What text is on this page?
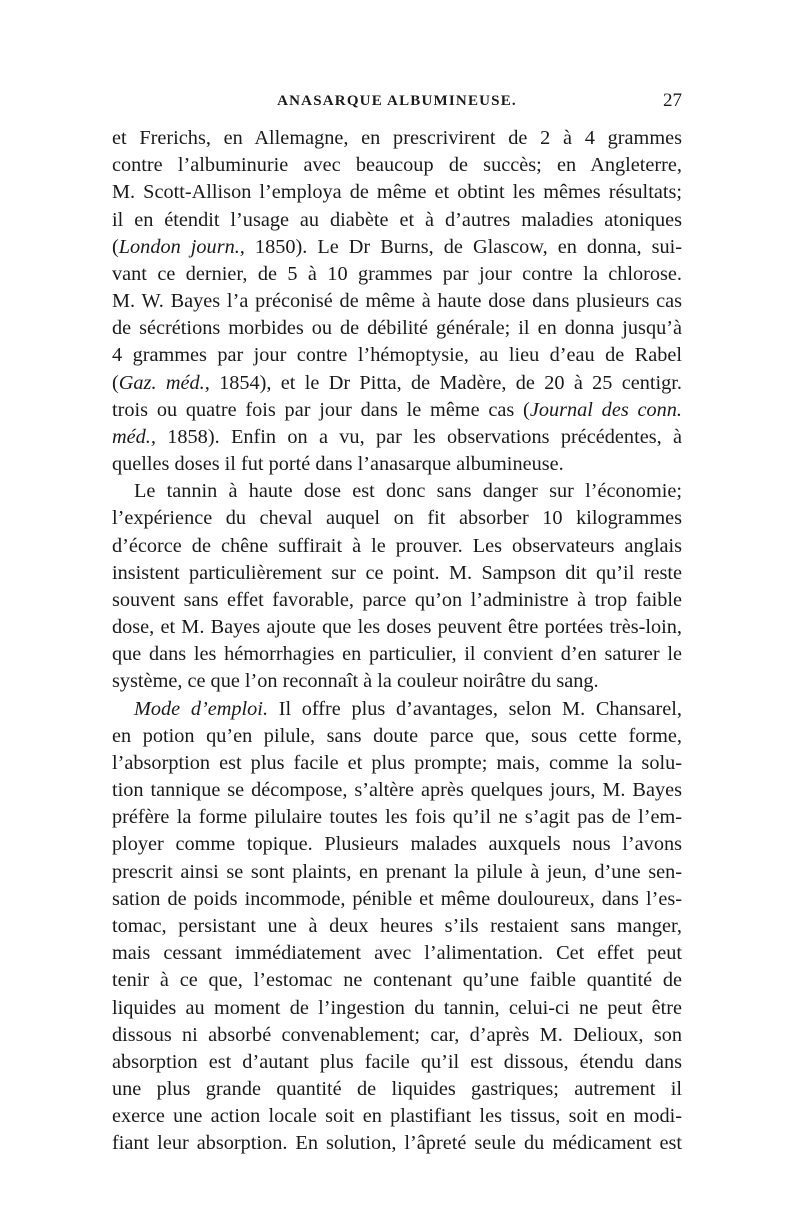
ANASARQUE ALBUMINEUSE.	27
et Frerichs, en Allemagne, en prescrivirent de 2 à 4 grammes
contre l’albuminurie avec beaucoup de succès; en Angleterre,
M. Scott-Allison l’employa de même et obtint les mêmes résultats;
il en étendit l’usage au diabète et à d’autres maladies atoniques
(London journ., 1850). Le Dr Burns, de Glascow, en donna, sui-
vant ce dernier, de 5 à 10 grammes par jour contre la chlorose.
M. W. Bayes l’a préconisé de même à haute dose dans plusieurs cas
de sécrétions morbides ou de débilité générale; il en donna jusqu’à
4 grammes par jour contre l’hémoptysie, au lieu d’eau de Rabel
(Gaz. méd., 1854), et le Dr Pitta, de Madère, de 20 à 25 centigr.
trois ou quatre fois par jour dans le même cas (Journal des conn.
méd., 1858). Enfin on a vu, par les observations précédentes, à
quelles doses il fut porté dans l’anasarque albumineuse.
Le tannin à haute dose est donc sans danger sur l’économie;
l’expérience du cheval auquel on fit absorber 10 kilogrammes
d’écorce de chêne suffirait à le prouver. Les observateurs anglais
insistent particulièrement sur ce point. M. Sampson dit qu’il reste
souvent sans effet favorable, parce qu’on l’administre à trop faible
dose, et M. Bayes ajoute que les doses peuvent être portées très-loin,
que dans les hémorrhagies en particulier, il convient d’en saturer le
système, ce que l’on reconnaît à la couleur noirâtre du sang.
Mode d’emploi. Il offre plus d’avantages, selon M. Chansarel,
en potion qu’en pilule, sans doute parce que, sous cette forme,
l’absorption est plus facile et plus prompte; mais, comme la solu-
tion tannique se décompose, s’altère après quelques jours, M. Bayes
préfère la forme pilulaire toutes les fois qu’il ne s’agit pas de l’em-
ployer comme topique. Plusieurs malades auxquels nous l’avons
prescrit ainsi se sont plaints, en prenant la pilule à jeun, d’une sen-
sation de poids incommode, pénible et même douloureux, dans l’es-
tomac, persistant une à deux heures s’ils restaient sans manger,
mais cessant immédiatement avec l’alimentation. Cet effet peut
tenir à ce que, l’estomac ne contenant qu’une faible quantité de
liquides au moment de l’ingestion du tannin, celui-ci ne peut être
dissous ni absorbé convenablement; car, d’après M. Delioux, son
absorption est d’autant plus facile qu’il est dissous, étendu dans
une plus grande quantité de liquides gastriques; autrement il
exerce une action locale soit en plastifiant les tissus, soit en modi-
fiant leur absorption. En solution, l’âpreté seule du médicament est
